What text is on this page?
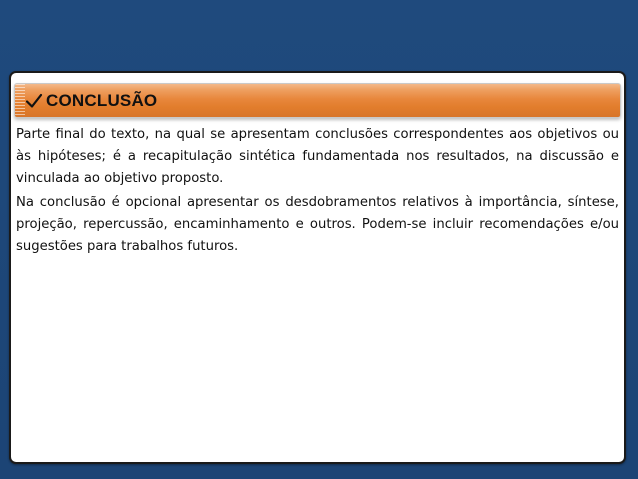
CONCLUSÃO

Parte final do texto, na qual se apresentam conclusões correspondentes aos objetivos ou às hipóteses; é a recapitulação sintética fundamentada nos resultados, na discussão e vinculada ao objetivo proposto.

Na conclusão é opcional apresentar os desdobramentos relativos à importância, síntese, projeção, repercussão, encaminhamento e outros. Podem-se incluir recomendações e/ou sugestões para trabalhos futuros.
